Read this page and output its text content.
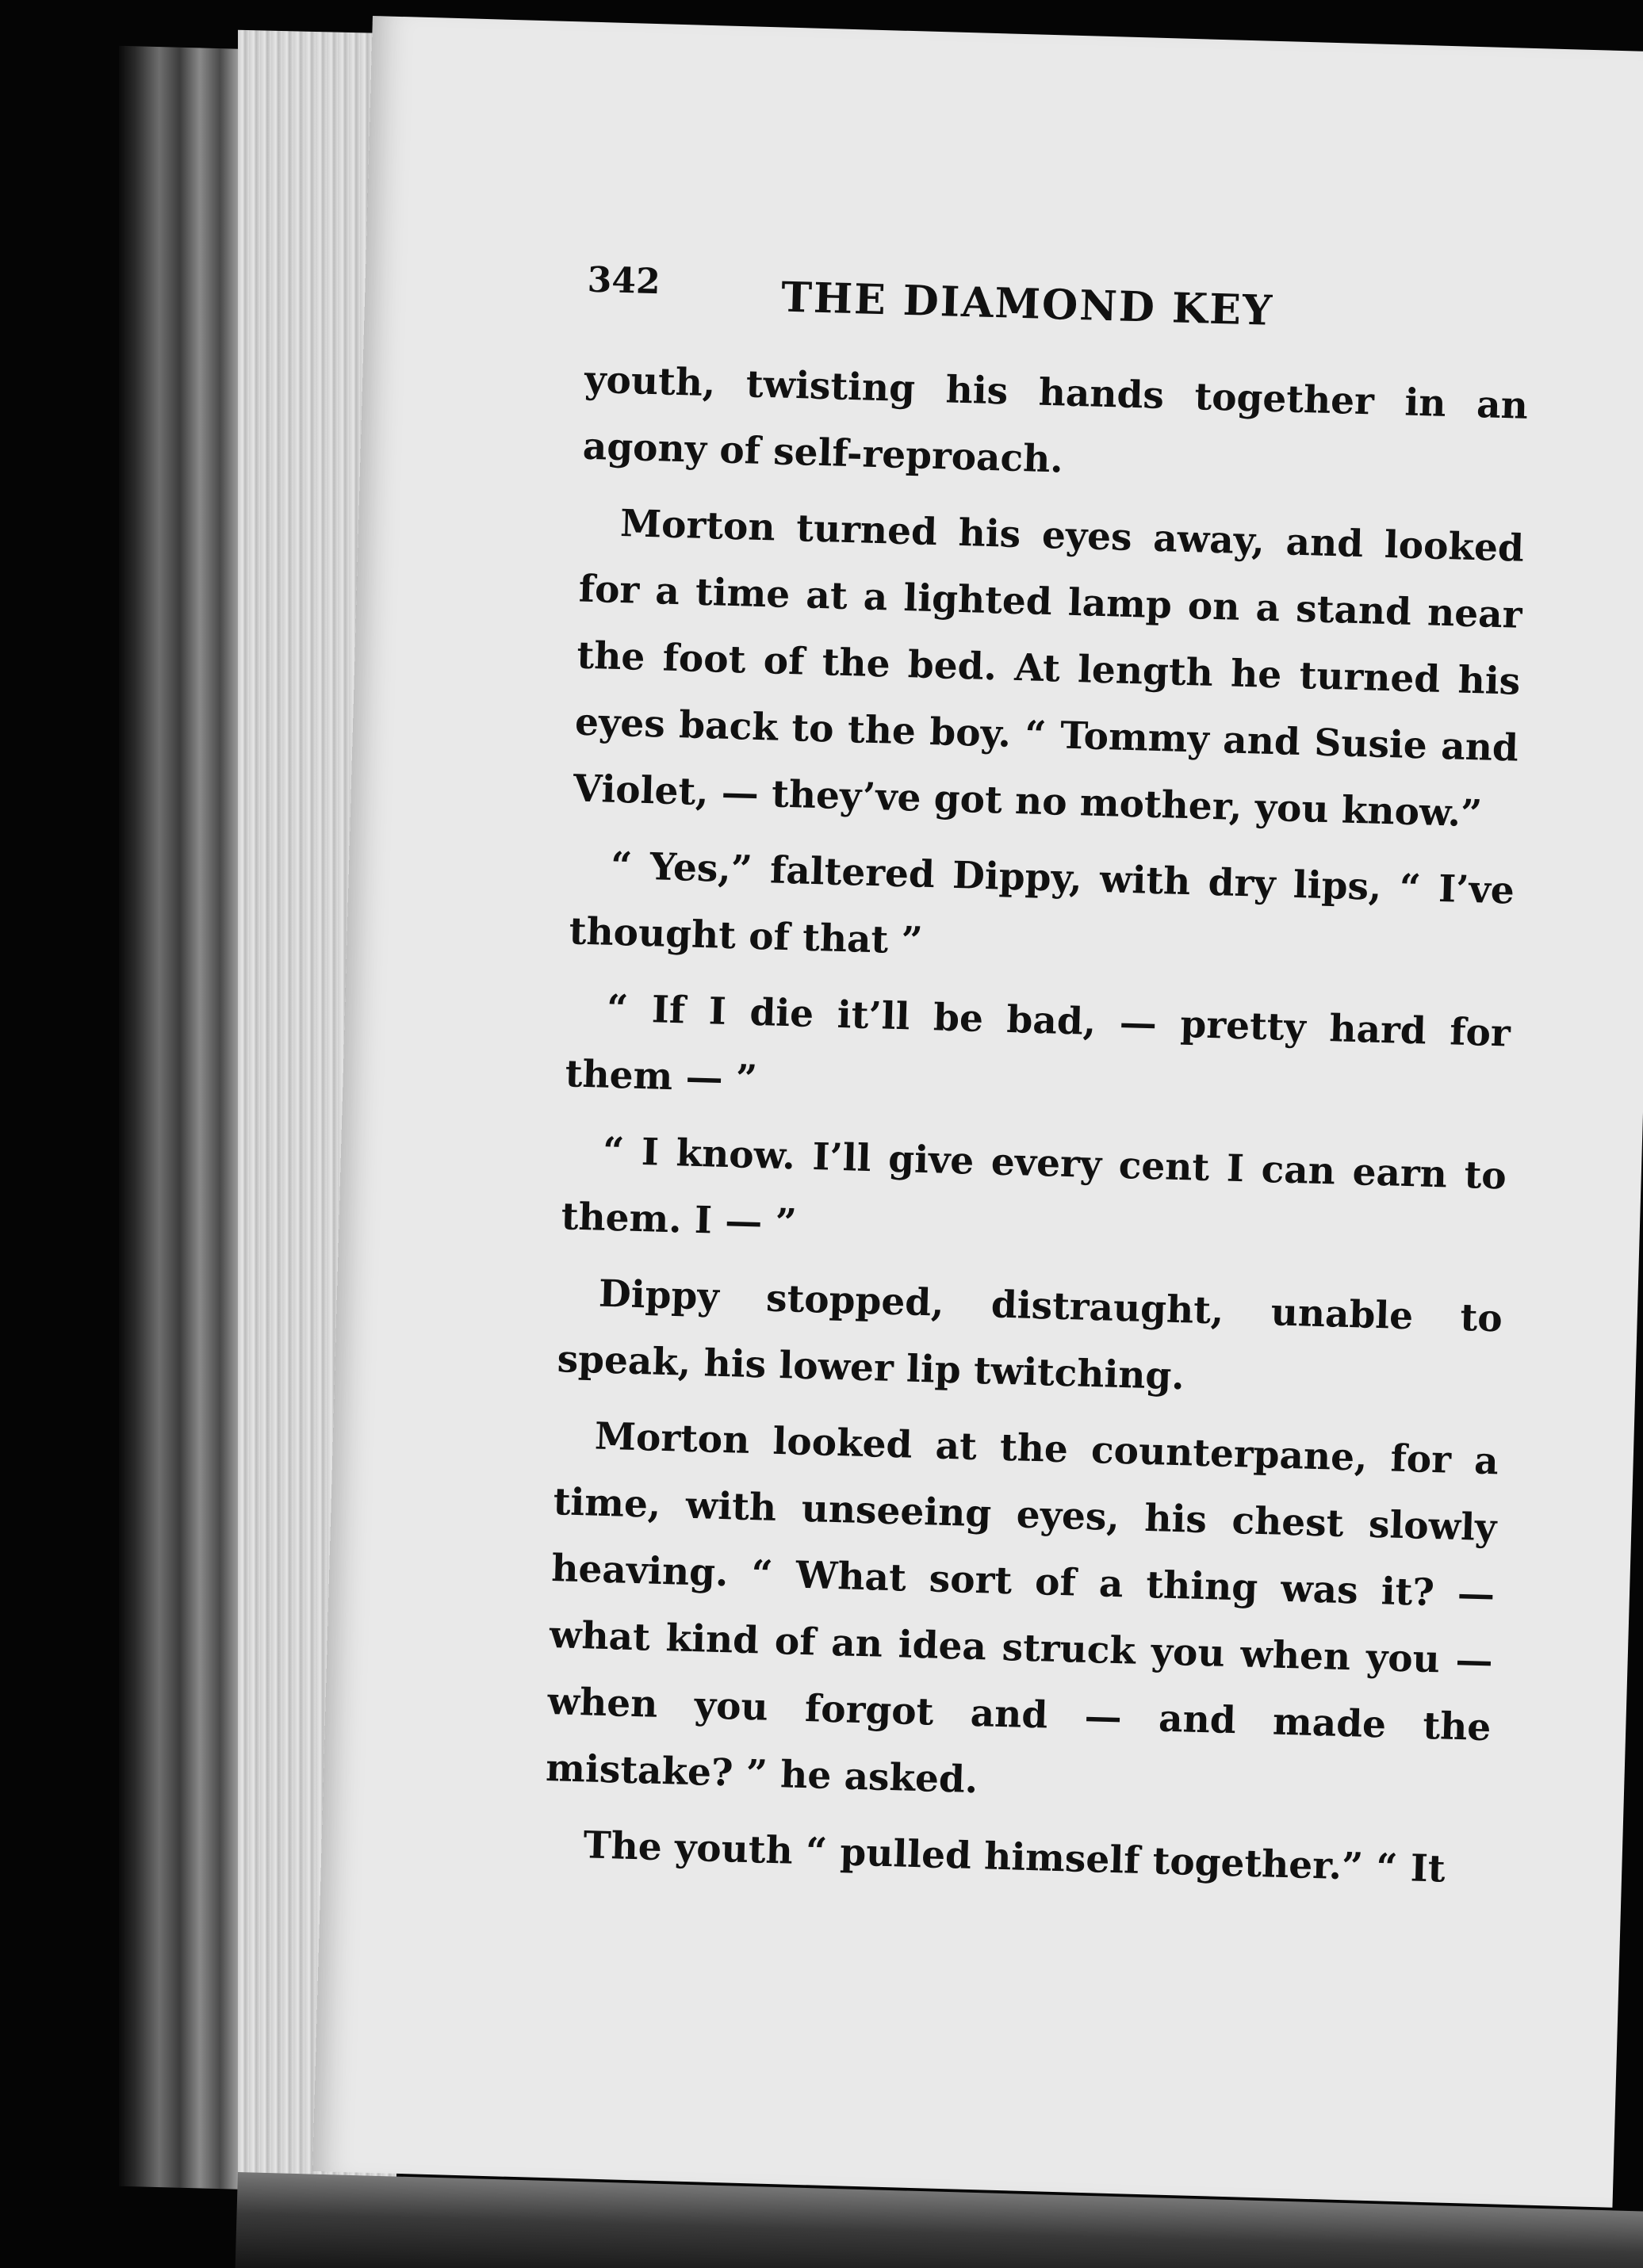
342	THE DIAMOND KEY

youth, twisting his hands together in an agony of self-reproach.

Morton turned his eyes away, and looked for a time at a lighted lamp on a stand near the foot of the bed. At length he turned his eyes back to the boy. “ Tommy and Susie and Violet, — they’ve got no mother, you know.”

“ Yes,” faltered Dippy, with dry lips, “ I’ve thought of that ”

“ If I die it’ll be bad, — pretty hard for them — ”

“ I know. I’ll give every cent I can earn to them. I — ”

Dippy stopped, distraught, unable to speak, his lower lip twitching.

Morton looked at the counterpane, for a time, with unseeing eyes, his chest slowly heaving. “ What sort of a thing was it? — what kind of an idea struck you when you — when you forgot and — and made the mistake? ” he asked.

The youth “ pulled himself together.” “ It
